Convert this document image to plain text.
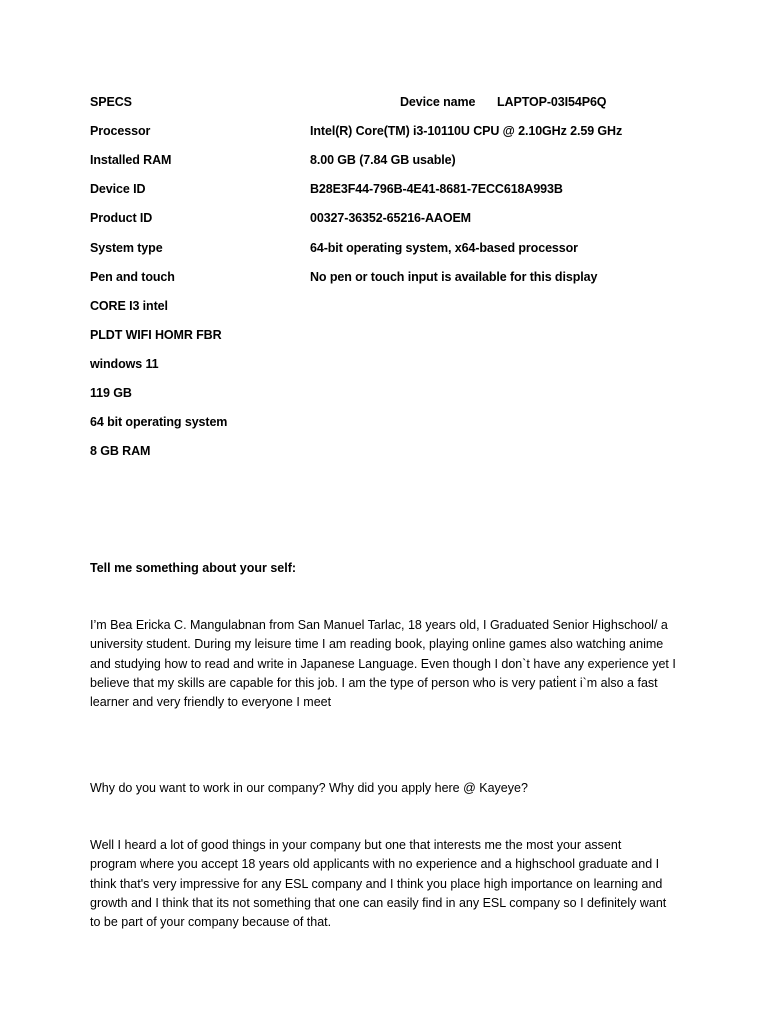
SPECS	Device name LAPTOP-03I54P6Q
Processor	Intel(R) Core(TM) i3-10110U CPU @ 2.10GHz 2.59 GHz
Installed RAM	8.00 GB (7.84 GB usable)
Device ID	B28E3F44-796B-4E41-8681-7ECC618A993B
Product ID	00327-36352-65216-AAOEM
System type	64-bit operating system, x64-based processor
Pen and touch	No pen or touch input is available for this display
CORE I3 intel
PLDT WIFI HOMR FBR
windows 11
119 GB
64 bit operating system
8 GB RAM
Tell me something about your self:
I’m Bea Ericka C. Mangulabnan from San Manuel Tarlac, 18 years old, I Graduated Senior Highschool/ a
university student. During my leisure time I am reading book, playing online games also watching anime
and studying how to read and write in Japanese Language. Even though I don`t have any experience yet I
believe that my skills are capable for this job. I am the type of person who is very pati̇ent i`m also a fast
learner and very friendly to everyone I meet
Why do you want to work in our company? Why did you apply here @ Kayeye?
Well I heard a lot of good things in your company but one that interests me the most your assent
program where you accept 18 years old applicants with no experience and a highschool graduate and I
think that's very impressive for any ESL company and I think you place high importance on learning and
growth and I think that its not something that one can easily find in any ESL company so I definitely want
to be part of your company because of that.
